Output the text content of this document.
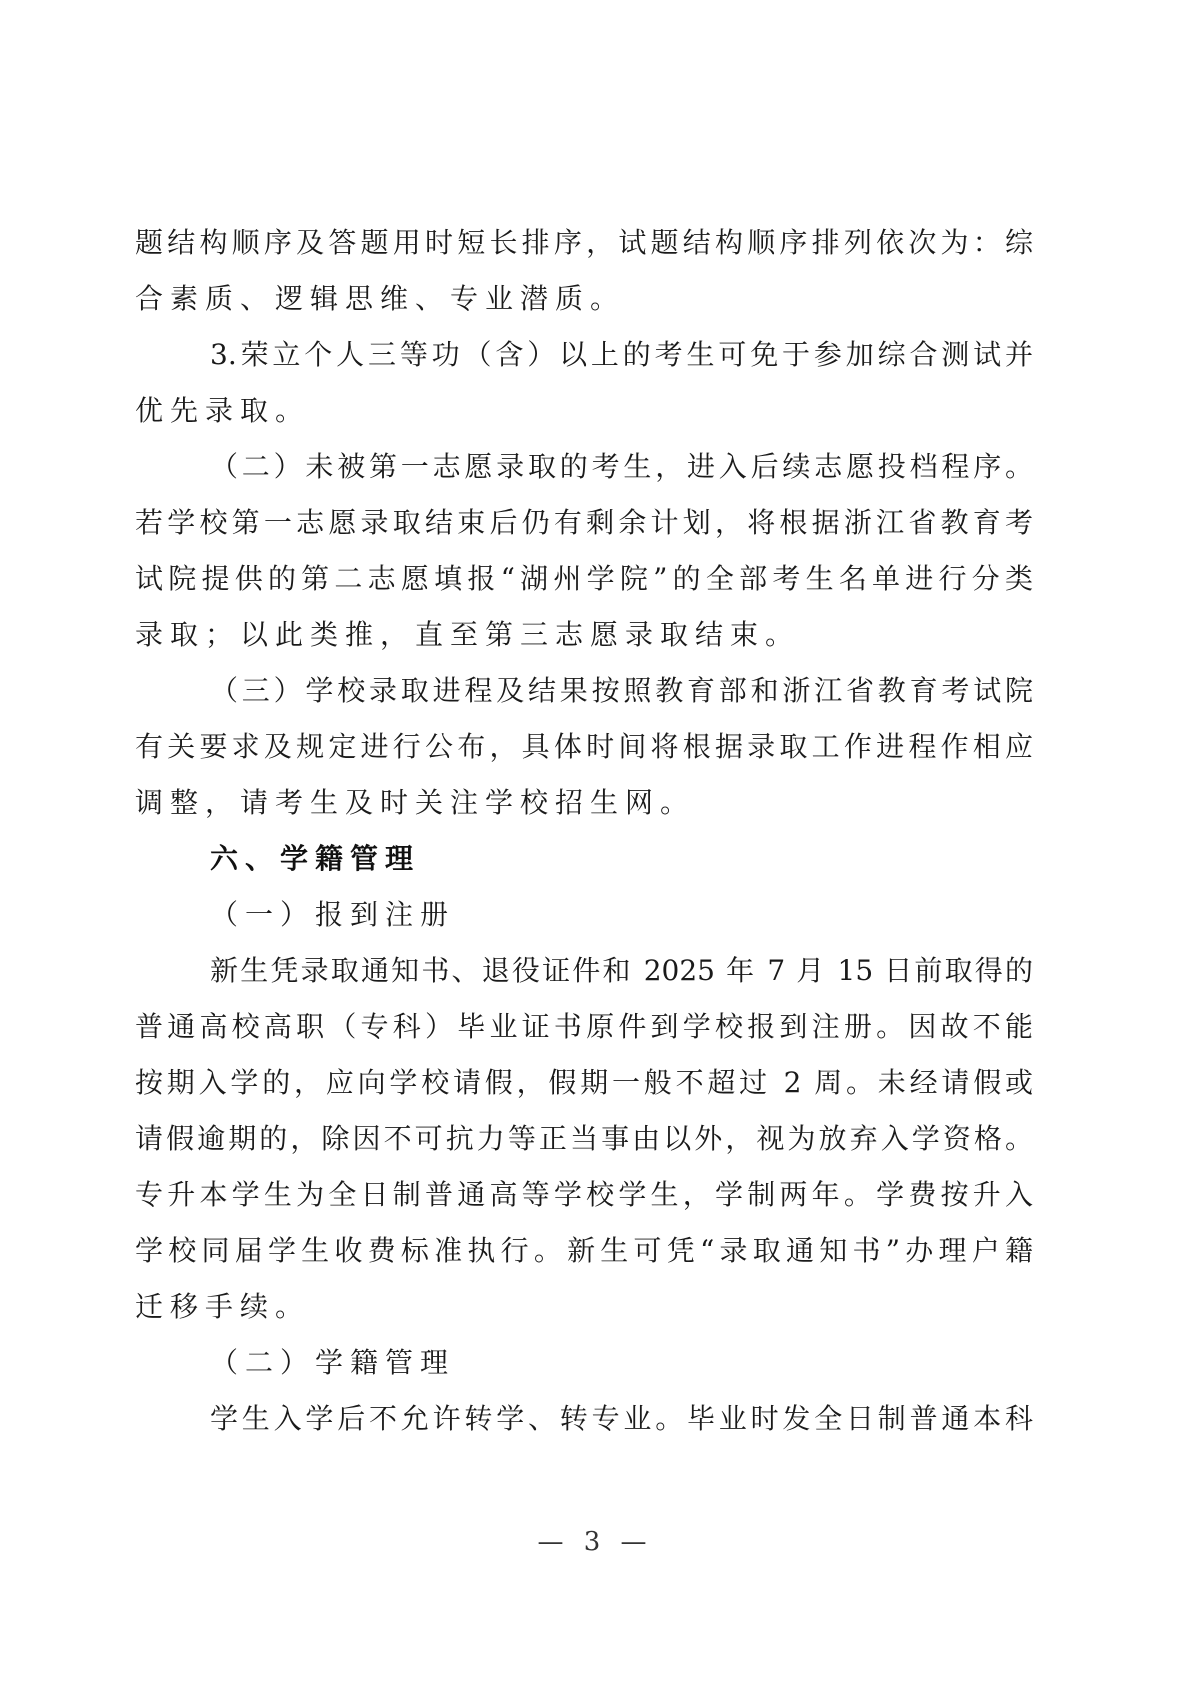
题结构顺序及答题用时短长排序，试题结构顺序排列依次为：综
合素质、逻辑思维、专业潜质。
3.荣立个人三等功（含）以上的考生可免于参加综合测试并
优先录取。
（二）未被第一志愿录取的考生，进入后续志愿投档程序。
若学校第一志愿录取结束后仍有剩余计划，将根据浙江省教育考
试院提供的第二志愿填报“湖州学院”的全部考生名单进行分类
录取；以此类推，直至第三志愿录取结束。
（三）学校录取进程及结果按照教育部和浙江省教育考试院
有关要求及规定进行公布，具体时间将根据录取工作进程作相应
调整，请考生及时关注学校招生网。
六、学籍管理
（一）报到注册
新生凭录取通知书、退役证件和 2025 年 7 月 15 日前取得的
普通高校高职（专科）毕业证书原件到学校报到注册。因故不能
按期入学的，应向学校请假，假期一般不超过 2 周。未经请假或
请假逾期的，除因不可抗力等正当事由以外，视为放弃入学资格。
专升本学生为全日制普通高等学校学生，学制两年。学费按升入
学校同届学生收费标准执行。新生可凭“录取通知书”办理户籍
迁移手续。
（二）学籍管理
学生入学后不允许转学、转专业。毕业时发全日制普通本科
— 3 —
